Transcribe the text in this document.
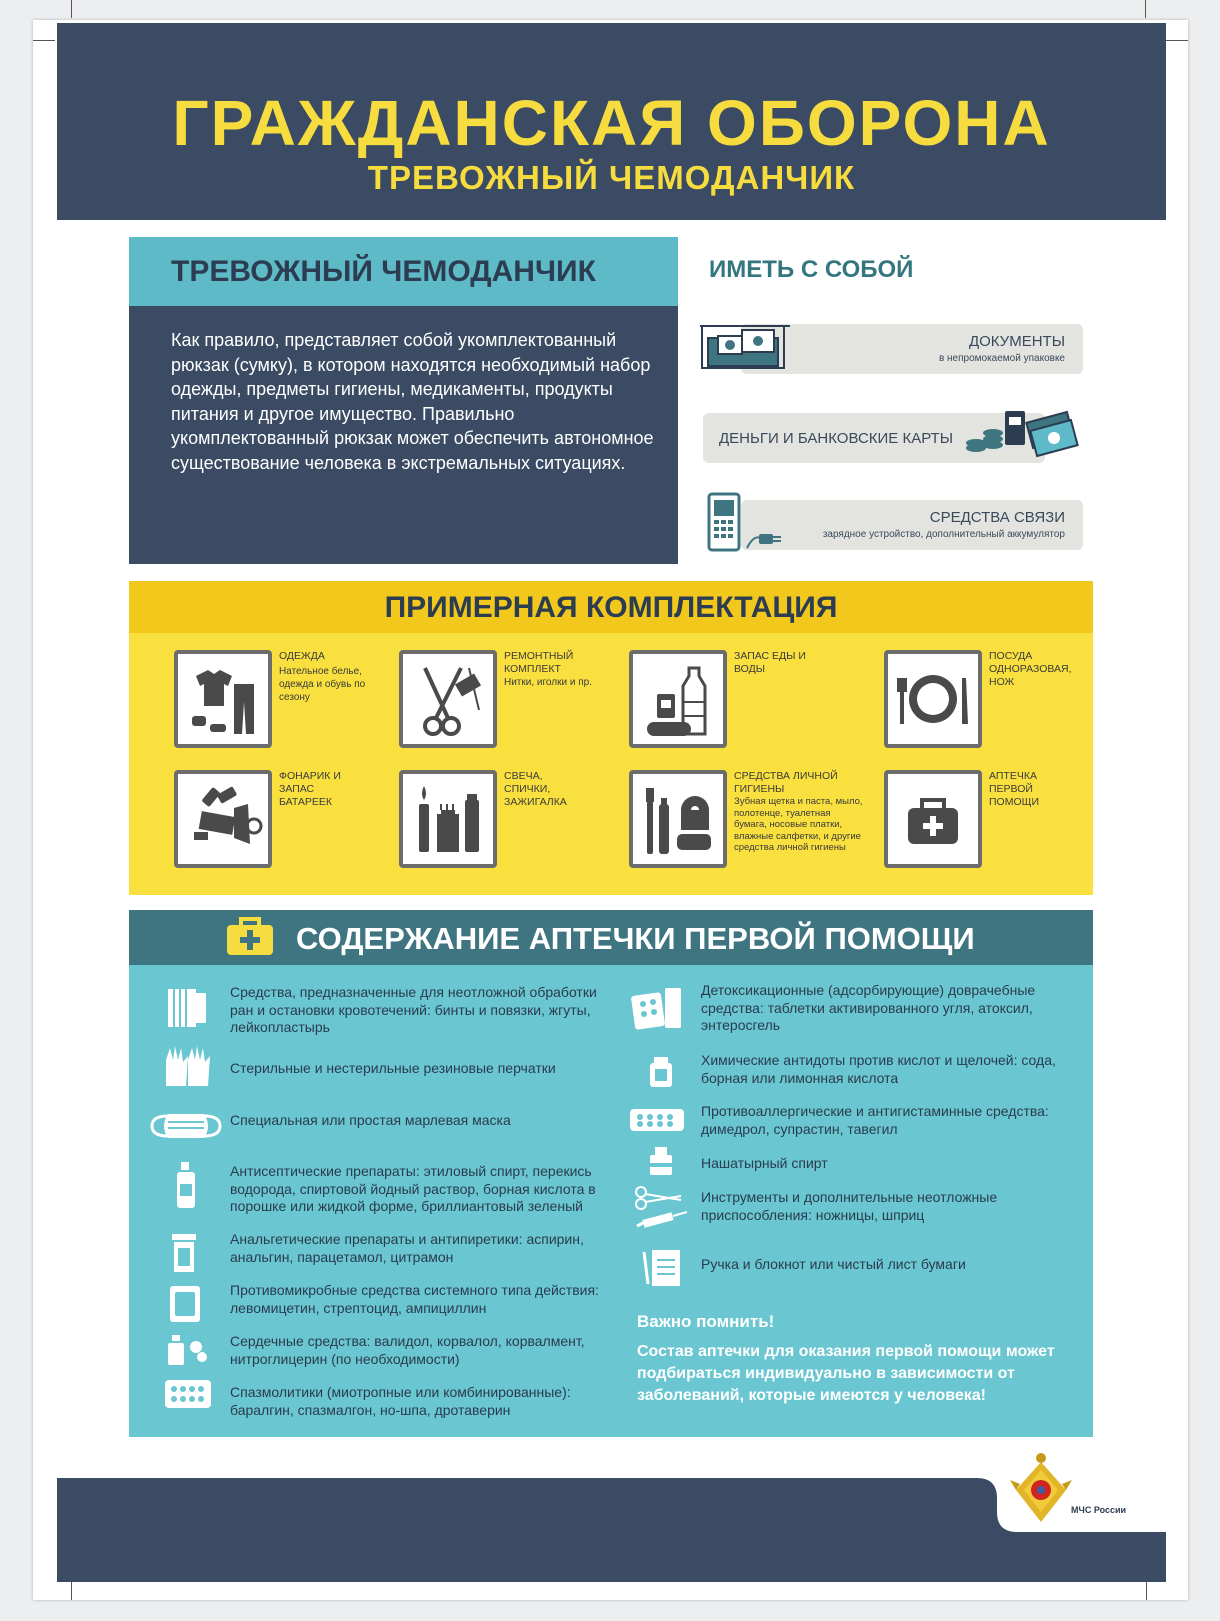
ГРАЖДАНСКАЯ ОБОРОНА
ТРЕВОЖНЫЙ ЧЕМОДАНЧИК
ТРЕВОЖНЫЙ ЧЕМОДАНЧИК

Как правило, представляет собой укомплектованный рюкзак (сумку), в котором находятся необходимый набор одежды, предметы гигиены, медикаменты, продукты питания и другое имущество. Правильно укомплектованный рюкзак может обеспечить автономное существование человека в экстремальных ситуациях.

ИМЕТЬ С СОБОЙ
ДОКУМЕНТЫ
в непромокаемой упаковке
ДЕНЬГИ И БАНКОВСКИЕ КАРТЫ
СРЕДСТВА СВЯЗИ
зарядное устройство, дополнительный аккумулятор
ПРИМЕРНАЯ КОМПЛЕКТАЦИЯ
ОДЕЖДА
Нательное белье, одежда и обувь по сезону
РЕМОНТНЫЙ КОМПЛЕКТ
Нитки, иголки и пр.
ЗАПАС ЕДЫ И ВОДЫ
ПОСУДА ОДНОРАЗОВАЯ, НОЖ
ФОНАРИК И ЗАПАС БАТАРЕЕК
СВЕЧА, СПИЧКИ, ЗАЖИГАЛКА
СРЕДСТВА ЛИЧНОЙ ГИГИЕНЫ
Зубная щетка и паста, мыло, полотенце, туалетная бумага, носовые платки, влажные салфетки, и другие средства личной гигиены
АПТЕЧКА ПЕРВОЙ ПОМОЩИ
СОДЕРЖАНИЕ АПТЕЧКИ ПЕРВОЙ ПОМОЩИ
Средства, предназначенные для неотложной обработки ран и остановки кровотечений: бинты и повязки, жгуты, лейкопластырь
Стерильные и нестерильные резиновые перчатки
Специальная или простая марлевая маска
Антисептические препараты: этиловый спирт, перекись водорода, спиртовой йодный раствор, борная кислота в порошке или жидкой форме, бриллиантовый зеленый
Анальгетические препараты и антипиретики: аспирин, анальгин, парацетамол, цитрамон
Противомикробные средства системного типа действия: левомицетин, стрептоцид, ампициллин
Сердечные средства: валидол, корвалол, корвалмент, нитроглицерин (по необходимости)
Спазмолитики (миотропные или комбинированные): баралгин, спазмалгон, но-шпа, дротаверин
Детоксикационные (адсорбирующие) доврачебные средства: таблетки активированного угля, атоксил, энтеросгель
Химические антидоты против кислот и щелочей: сода, борная или лимонная кислота
Противоаллергические и антигистаминные средства: димедрол, супрастин, тавегил
Нашатырный спирт
Инструменты и дополнительные неотложные приспособления: ножницы, шприц
Ручка и блокнот или чистый лист бумаги
Важно помнить!
Состав аптечки для оказания первой помощи может подбираться индивидуально в зависимости от заболеваний, которые имеются у человека!
МЧС России
